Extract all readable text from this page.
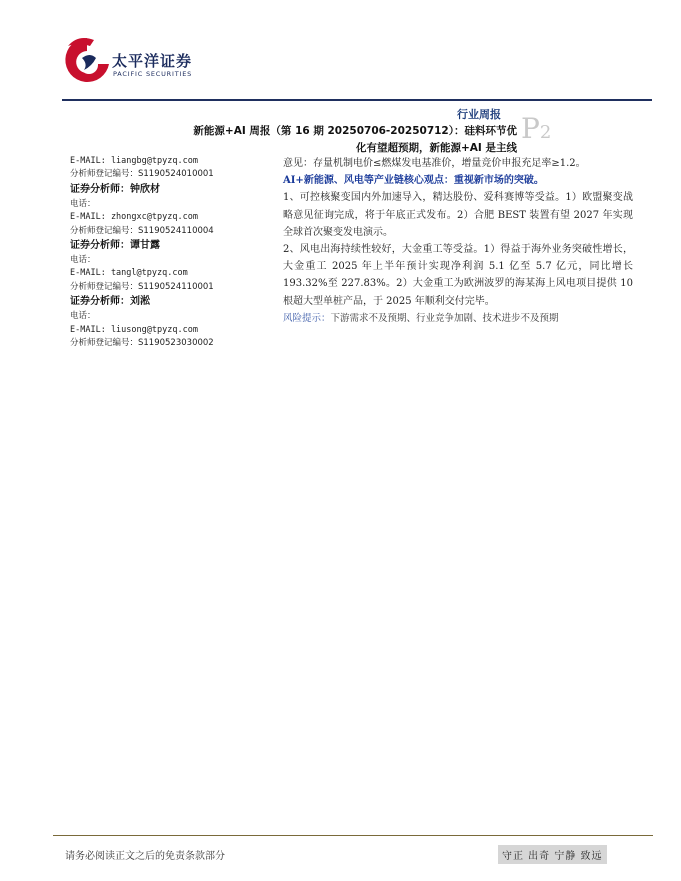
太平洋证券
PACIFIC SECURITIES
行业周报 P2
新能源+AI 周报（第 16 期 20250706-20250712）：硅料环节优
化有望超预期，新能源+AI 是主线
E-MAIL: liangbg@tpyzq.com
分析师登记编号：S1190524010001
证券分析师：钟欣材
电话：
E-MAIL: zhongxc@tpyzq.com
分析师登记编号：S1190524110004
证券分析师：谭甘露
电话：
E-MAIL: tangl@tpyzq.com
分析师登记编号：S1190524110001
证券分析师：刘淞
电话：
E-MAIL: liusong@tpyzq.com
分析师登记编号：S1190523030002

意见：存量机制电价≤燃煤发电基准价，增量竞价申报充足率≥1.2。

AI+新能源、风电等产业链核心观点：重视新市场的突破。

1、可控核聚变国内外加速导入，精达股份、爱科赛博等受益。1）欧盟聚变战略意见征询完成，将于年底正式发布。2）合肥 BEST 装置有望 2027 年实现全球首次聚变发电演示。

2、风电出海持续性较好，大金重工等受益。1）得益于海外业务突破性增长，大金重工 2025 年上半年预计实现净利润 5.1 亿至 5.7 亿元，同比增长 193.32%至 227.83%。2）大金重工为欧洲波罗的海某海上风电项目提供 10 根超大型单桩产品，于 2025 年顺利交付完毕。

风险提示：下游需求不及预期、行业竞争加剧、技术进步不及预期

请务必阅读正文之后的免责条款部分	守正 出奇 宁静 致远
